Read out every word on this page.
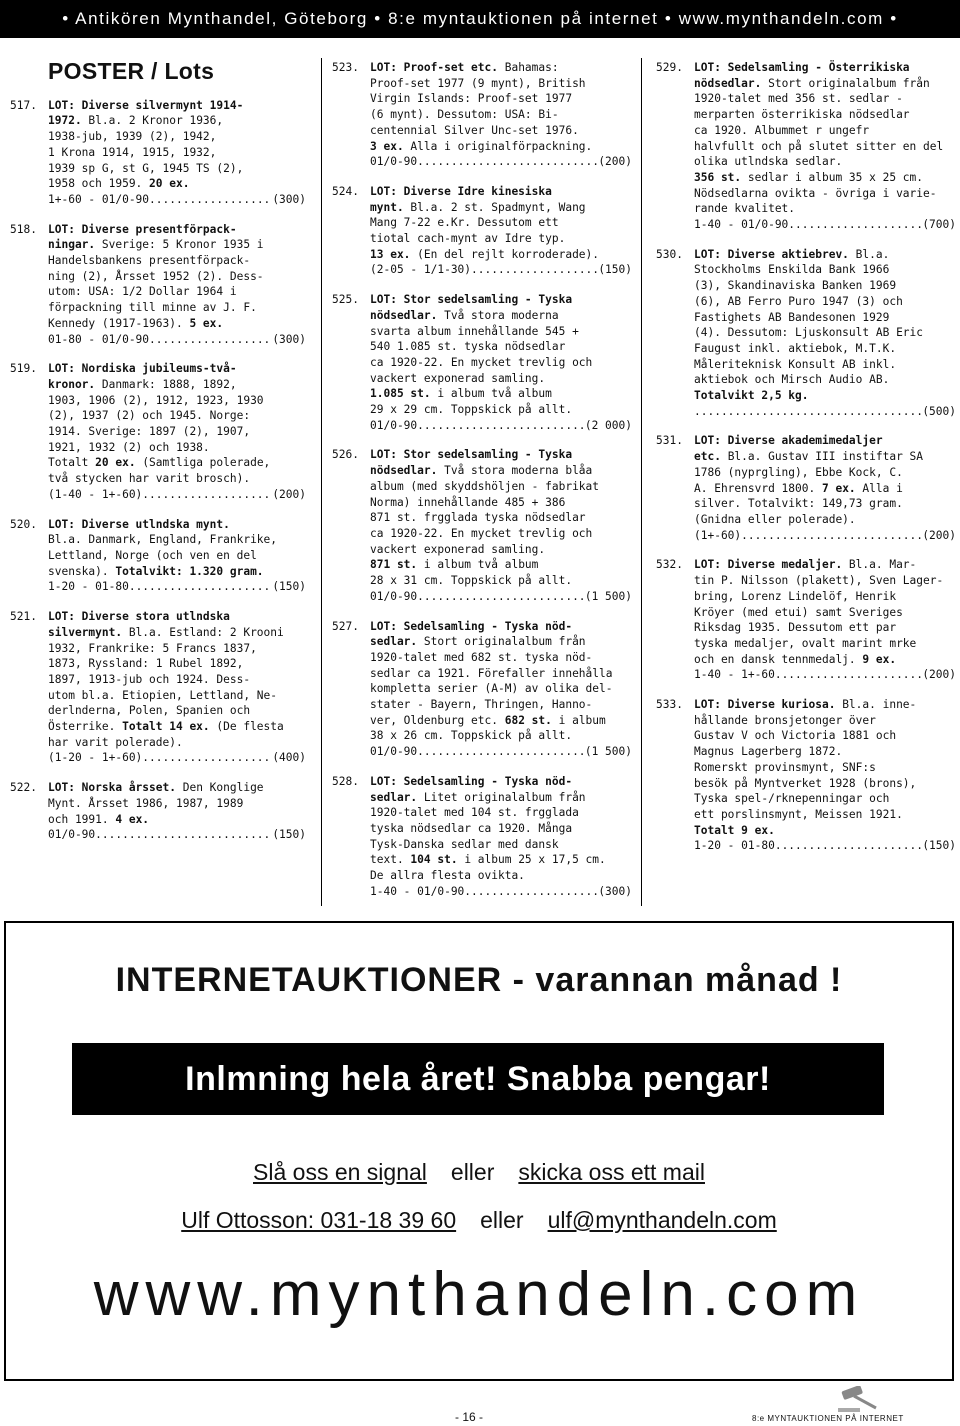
• Antikören Mynthandel, Göteborg • 8:e myntauktionen på internet • www.mynthandeln.com •
POSTER / Lots
517. LOT: Diverse silvermynt 1914-
1972. Bl.a. 2 Kronor 1936,
1938-jub, 1939 (2), 1942,
1 Krona 1914, 1915, 1932,
1939 sp G, st G, 1945 TS (2),
1958 och 1959. 20 ex.
1+-60 - 01/0-90 .....	(300)
518. LOT: Diverse presentförpack-
ningar. Sverige: 5 Kronor 1935 i
Handelsbankens presentförpack-
ning (2), Årsset 1952 (2). Dess-
utom: USA: 1/2 Dollar 1964 i
förpackning till minne av J. F.
Kennedy (1917-1963). 5 ex.
01-80 - 01/0-90 .....	(300)
519. LOT: Nordiska jubileums-två-
kronor. Danmark: 1888, 1892,
1903, 1906 (2), 1912, 1923, 1930
(2), 1937 (2) och 1945. Norge:
1914. Sverige: 1897 (2), 1907,
1921, 1932 (2) och 1938.
Totalt 20 ex. (Samtliga polerade,
två stycken har varit brosch).
(1-40 - 1+-60) .....	(200)
520. LOT: Diverse utlndska mynt.
Bl.a. Danmark, England, Frankrike,
Lettland, Norge (och ven en del
svenska). Totalvikt: 1.320 gram.
1-20 - 01-80 .....	(150)
521. LOT: Diverse stora utlndska
silvermynt. Bl.a. Estland: 2 Krooni
1932, Frankrike: 5 Francs 1837,
1873, Ryssland: 1 Rubel 1892,
1897, 1913-jub och 1924. Dess-
utom bl.a. Etiopien, Lettland, Ne-
derlnderna, Polen, Spanien och
Österrike. Totalt 14 ex. (De flesta
har varit polerade).
(1-20 - 1+-60) .....	(400)
522. LOT: Norska årsset. Den Konglige
Mynt. Årsset 1986, 1987, 1989
och 1991. 4 ex.
01/0-90 .....	(150)
523. LOT: Proof-set etc. Bahamas:
Proof-set 1977 (9 mynt), British
Virgin Islands: Proof-set 1977
(6 mynt). Dessutom: USA: Bi-
centennial Silver Unc-set 1976.
3 ex. Alla i originalförpackning.
01/0-90 .....	(200)
524. LOT: Diverse Idre kinesiska
mynt. Bl.a. 2 st. Spadmynt, Wang
Mang 7-22 e.Kr. Dessutom ett
tiotal cach-mynt av Idre typ.
13 ex. (En del rejlt korroderade).
(2-05 - 1/1-30) .....	(150)
525. LOT: Stor sedelsamling - Tyska
nödsedlar. Två stora moderna
svarta album innehållande 545 +
540 1.085 st. tyska nödsedlar
ca 1920-22. En mycket trevlig och
vackert exponerad samling.
1.085 st. i album två album
29 x 29 cm. Toppskick på allt.
01/0-90 .....	(2 000)
526. LOT: Stor sedelsamling - Tyska
nödsedlar. Två stora moderna blåa
album (med skyddshöljen - fabrikat
Norma) innehållande 485 + 386
871 st. frgglada tyska nödsedlar
ca 1920-22. En mycket trevlig och
vackert exponerad samling.
871 st. i album två album
28 x 31 cm. Toppskick på allt.
01/0-90 .....	(1 500)
527. LOT: Sedelsamling - Tyska nöd-
sedlar. Stort originalalbum från
1920-talet med 682 st. tyska nöd-
sedlar ca 1921. Förefaller innehålla
kompletta serier (A-M) av olika del-
stater - Bayern, Thringen, Hanno-
ver, Oldenburg etc. 682 st. i album
38 x 26 cm. Toppskick på allt.
01/0-90 .....	(1 500)
528. LOT: Sedelsamling - Tyska nöd-
sedlar. Litet originalalbum från
1920-talet med 104 st. frgglada
tyska nödsedlar ca 1920. Många
Tysk-Danska sedlar med dansk
text. 104 st. i album 25 x 17,5 cm.
De allra flesta ovikta.
1-40 - 01/0-90 .....	(300)
529. LOT: Sedelsamling - Österrikiska
nödsedlar. Stort originalalbum från
1920-talet med 356 st. sedlar -
merparten österrikiska nödsedlar
ca 1920. Albummet r ungefr
halvfullt och på slutet sitter en del
olika utlndska sedlar.
356 st. sedlar i album 35 x 25 cm.
Nödsedlarna ovikta - övriga i varie-
rande kvalitet.
1-40 - 01/0-90 .....	(700)
530. LOT: Diverse aktiebrev. Bl.a.
Stockholms Enskilda Bank 1966
(3), Skandinaviska Banken 1969
(6), AB Ferro Puro 1947 (3) och
Fastighets AB Bandesonen 1929
(4). Dessutom: Ljuskonsult AB Eric
Faugust inkl. aktiebok, M.T.K.
Måleriteknisk Konsult AB inkl.
aktiebok och Mirsch Audio AB.
Totalvikt 2,5 kg.
.....
(500)
531. LOT: Diverse akademimedaljer
etc. Bl.a. Gustav III instiftar SA
1786 (nyprgling), Ebbe Kock, C.
A. Ehrensvrd 1800. 7 ex. Alla i
silver. Totalvikt: 149,73 gram.
(Gnidna eller polerade).
(1+-60) .....	(200)
532. LOT: Diverse medaljer. Bl.a. Mar-
tin P. Nilsson (plakett), Sven Lager-
bring, Lorenz Lindelöf, Henrik
Kröyer (med etui) samt Sveriges
Riksdag 1935. Dessutom ett par
tyska medaljer, ovalt marint mrke
och en dansk tennmedalj. 9 ex.
1-40 - 1+-60 .....	(200)
533. LOT: Diverse kuriosa. Bl.a. inne-
hållande bronsjetonger över
Gustav V och Victoria 1881 och
Magnus Lagerberg 1872.
Romerskt provinsmynt, SNF:s
besök på Myntverket 1928 (brons),
Tyska spel-/rknepenningar och
ett porslinsmynt, Meissen 1921.
Totalt 9 ex.
1-20 - 01-80 .....	(150)
INTERNETAUKTIONER - varannan månad !
Inlmning hela året! Snabba pengar!
Slå oss en signal eller skicka oss ett mail
Ulf Ottosson: 031-18 39 60 eller ulf@mynthandeln.com
www.mynthandeln.com
- 16 -	8:e MYNTAUKTIONEN PÅ INTERNET
